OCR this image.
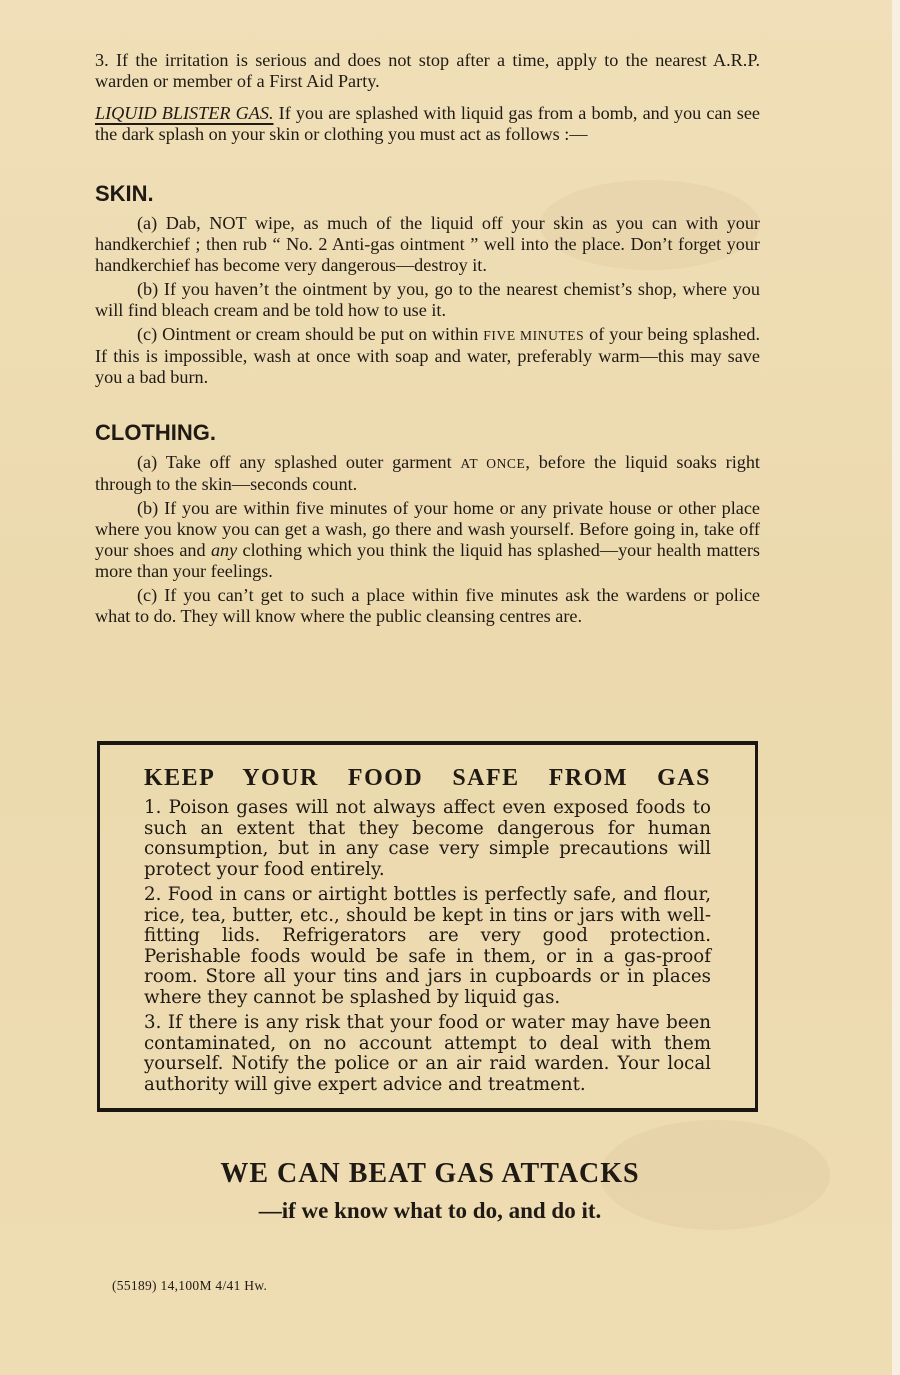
3. If the irritation is serious and does not stop after a time, apply to the nearest A.R.P. warden or member of a First Aid Party.

LIQUID BLISTER GAS. If you are splashed with liquid gas from a bomb, and you can see the dark splash on your skin or clothing you must act as follows :—

SKIN.

(a) Dab, NOT wipe, as much of the liquid off your skin as you can with your handkerchief ; then rub “ No. 2 Anti-gas ointment ” well into the place. Don’t forget your handkerchief has become very dangerous—destroy it.

(b) If you haven’t the ointment by you, go to the nearest chemist’s shop, where you will find bleach cream and be told how to use it.

(c) Ointment or cream should be put on within FIVE MINUTES of your being splashed. If this is impossible, wash at once with soap and water, preferably warm—this may save you a bad burn.

CLOTHING.

(a) Take off any splashed outer garment AT ONCE, before the liquid soaks right through to the skin—seconds count.

(b) If you are within five minutes of your home or any private house or other place where you know you can get a wash, go there and wash yourself. Before going in, take off your shoes and any clothing which you think the liquid has splashed—your health matters more than your feelings.

(c) If you can’t get to such a place within five minutes ask the wardens or police what to do. They will know where the public cleansing centres are.

KEEP YOUR FOOD SAFE FROM GAS

1. Poison gases will not always affect even exposed foods to such an extent that they become dangerous for human consumption, but in any case very simple precautions will protect your food entirely.

2. Food in cans or airtight bottles is perfectly safe, and flour, rice, tea, butter, etc., should be kept in tins or jars with well-fitting lids. Refrigerators are very good protection. Perishable foods would be safe in them, or in a gas-proof room. Store all your tins and jars in cupboards or in places where they cannot be splashed by liquid gas.

3. If there is any risk that your food or water may have been contaminated, on no account attempt to deal with them yourself. Notify the police or an air raid warden. Your local authority will give expert advice and treatment.

WE CAN BEAT GAS ATTACKS
—if we know what to do, and do it.
(55189) 14,100M 4/41 Hw.
